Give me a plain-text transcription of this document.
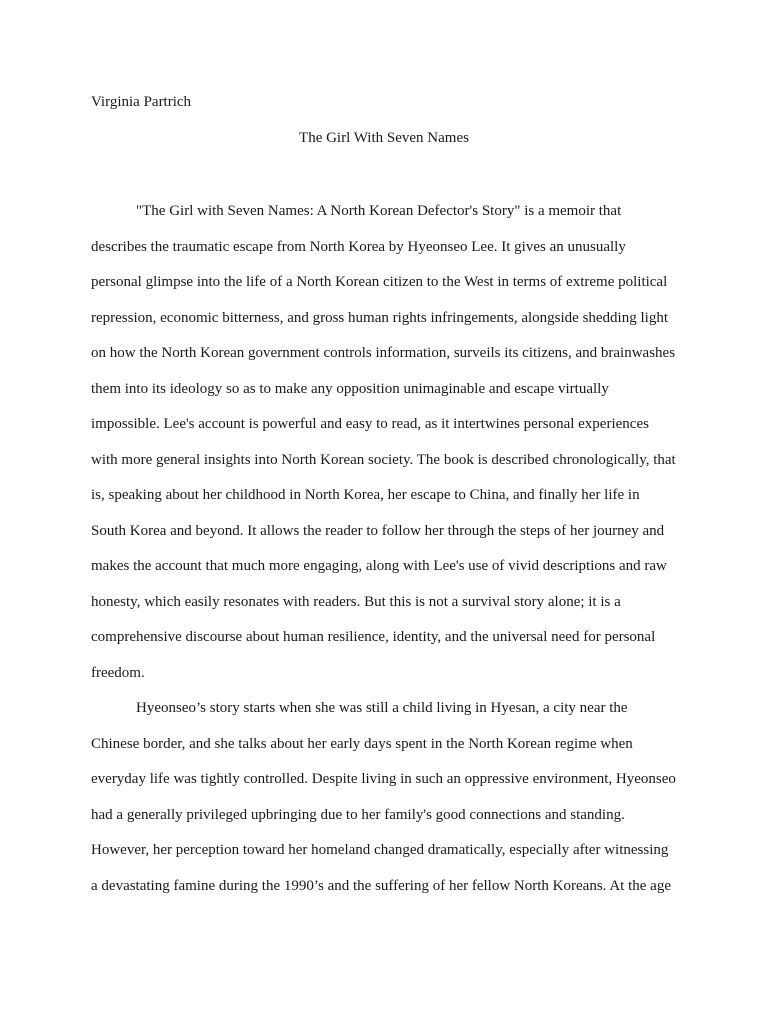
Virginia Partrich
The Girl With Seven Names
"The Girl with Seven Names: A North Korean Defector's Story" is a memoir that
describes the traumatic escape from North Korea by Hyeonseo Lee. It gives an unusually
personal glimpse into the life of a North Korean citizen to the West in terms of extreme political
repression, economic bitterness, and gross human rights infringements, alongside shedding light
on how the North Korean government controls information, surveils its citizens, and brainwashes
them into its ideology so as to make any opposition unimaginable and escape virtually
impossible. Lee's account is powerful and easy to read, as it intertwines personal experiences
with more general insights into North Korean society. The book is described chronologically, that
is, speaking about her childhood in North Korea, her escape to China, and finally her life in
South Korea and beyond. It allows the reader to follow her through the steps of her journey and
makes the account that much more engaging, along with Lee's use of vivid descriptions and raw
honesty, which easily resonates with readers. But this is not a survival story alone; it is a
comprehensive discourse about human resilience, identity, and the universal need for personal
freedom.
Hyeonseo’s story starts when she was still a child living in Hyesan, a city near the
Chinese border, and she talks about her early days spent in the North Korean regime when
everyday life was tightly controlled. Despite living in such an oppressive environment, Hyeonseo
had a generally privileged upbringing due to her family's good connections and standing.
However, her perception toward her homeland changed dramatically, especially after witnessing
a devastating famine during the 1990’s and the suffering of her fellow North Koreans. At the age
